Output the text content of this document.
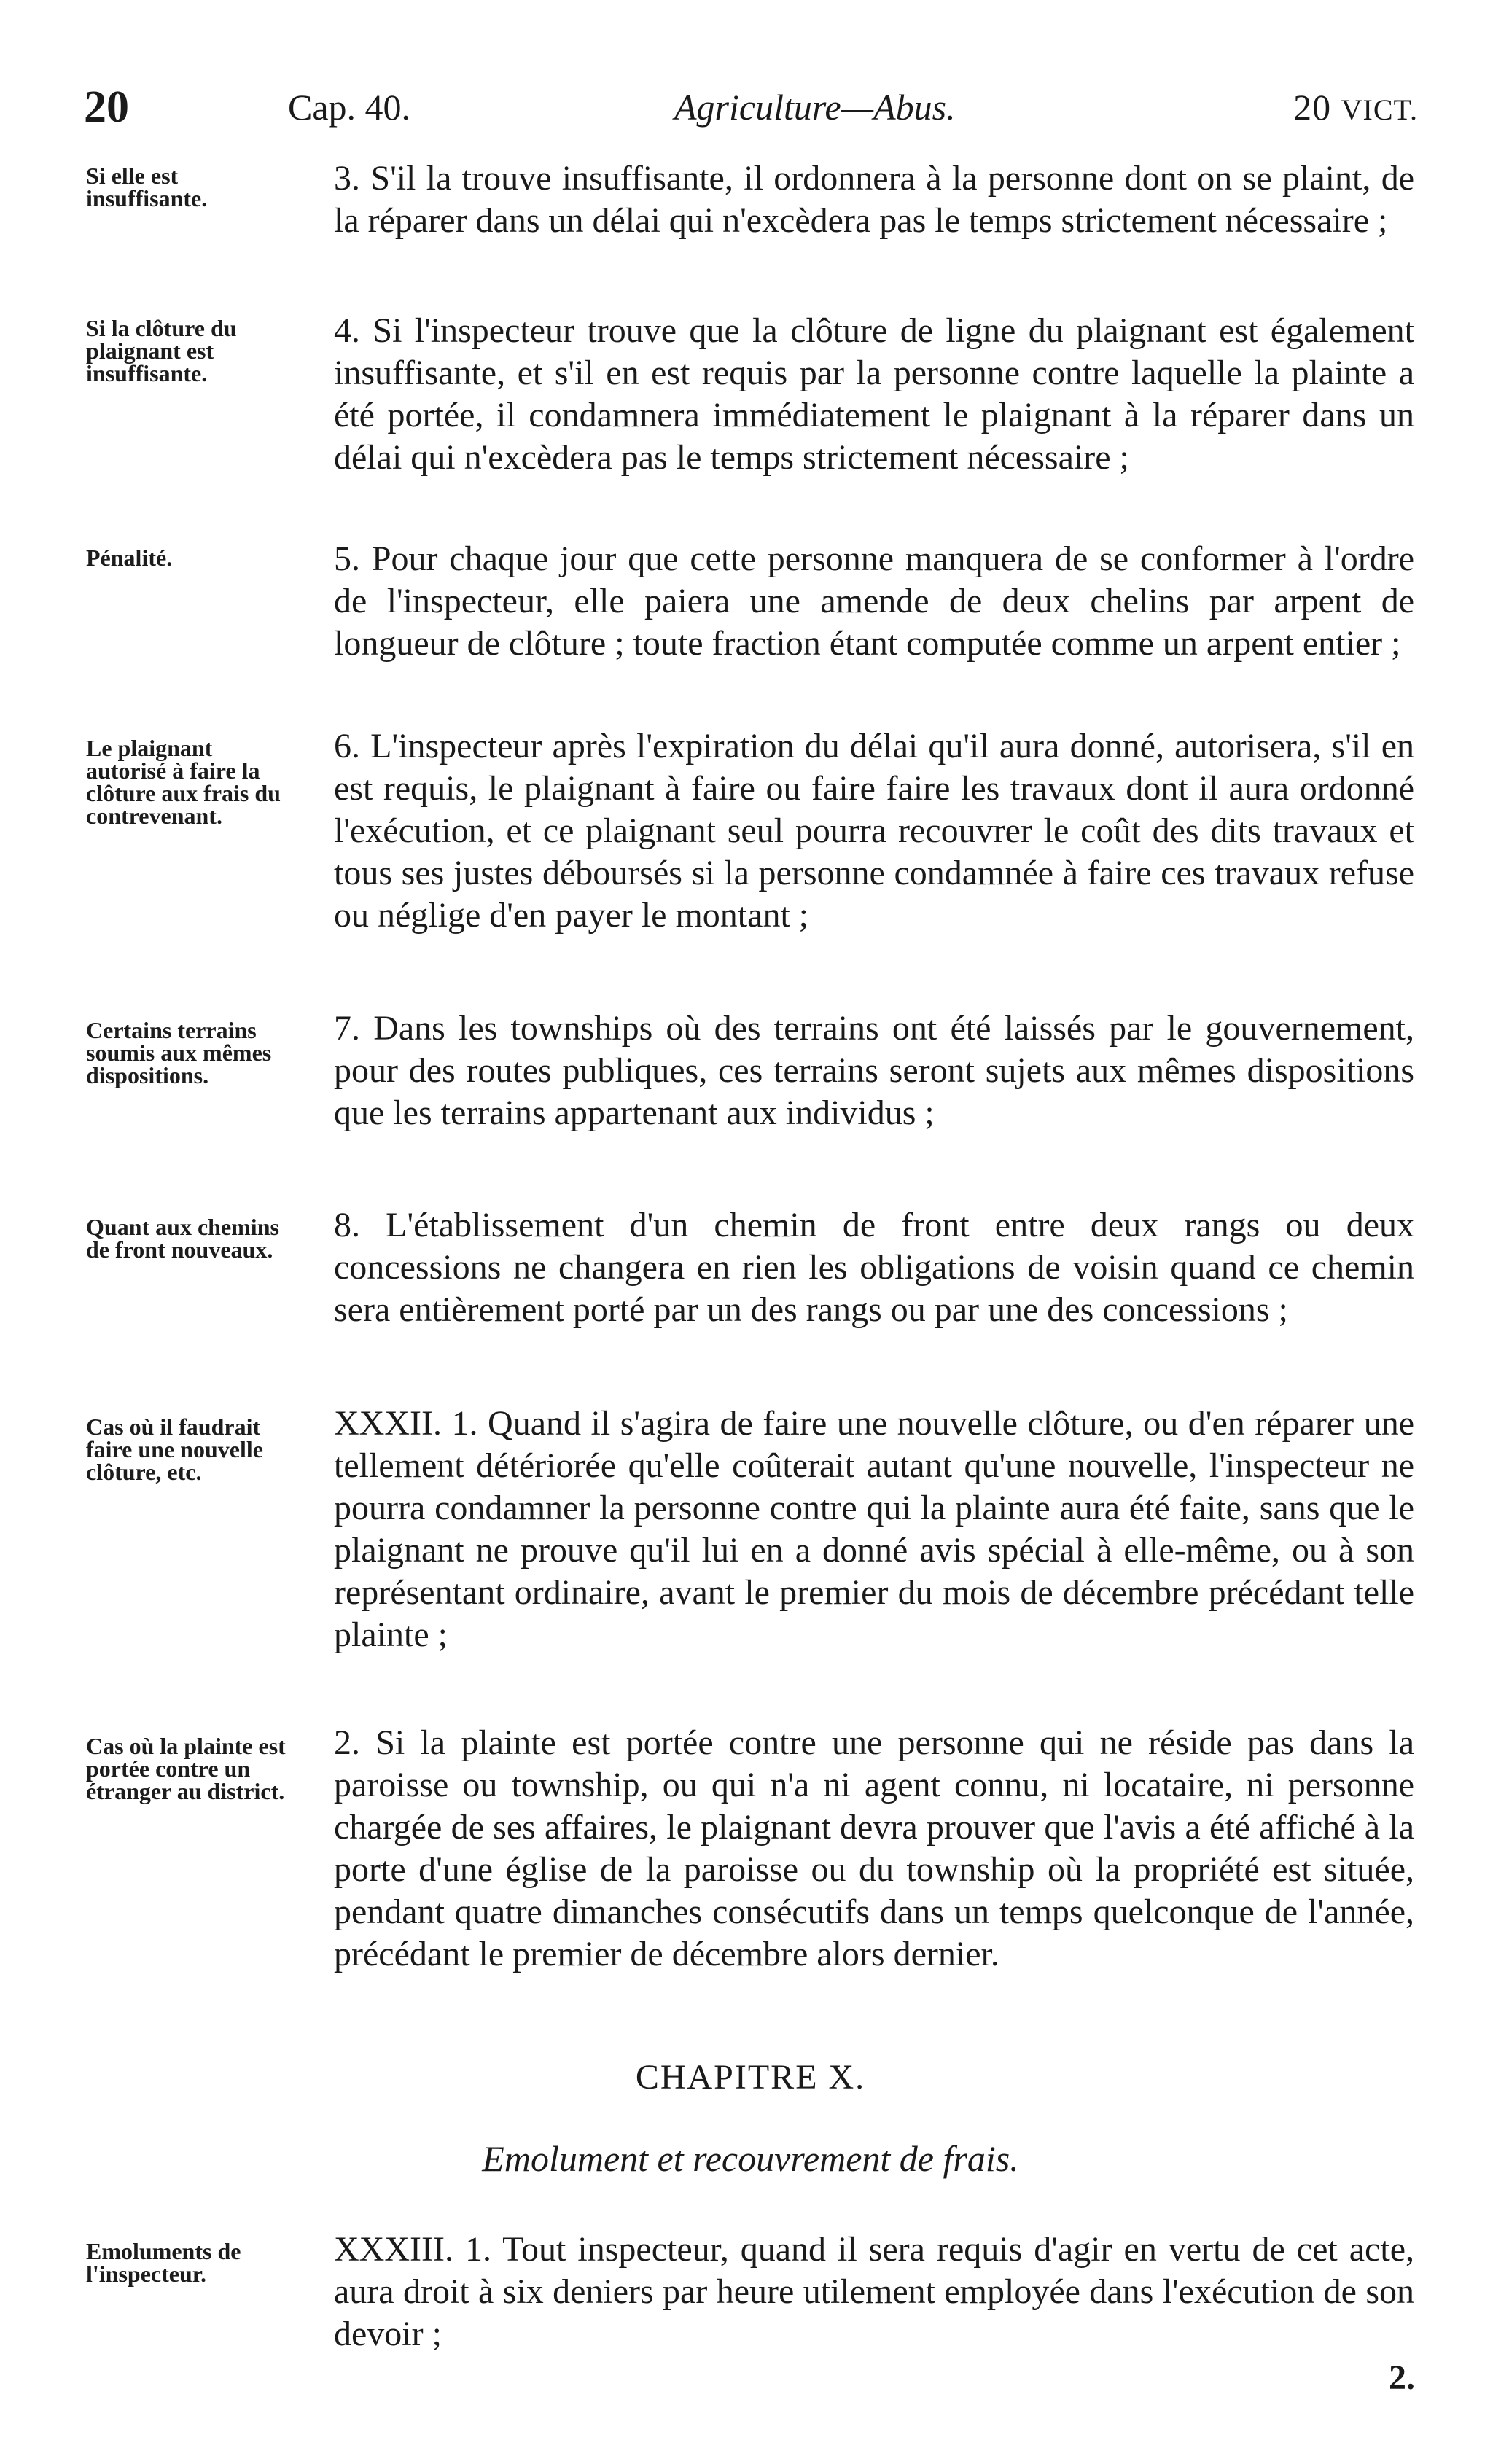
20	Cap. 40.	Agriculture—Abus.	20 VICT.
Si elle est insuffisante.
3. S'il la trouve insuffisante, il ordonnera à la personne dont on se plaint, de la réparer dans un délai qui n'excèdera pas le temps strictement nécessaire ;
Si la clôture du plaignant est insuffisante.
4. Si l'inspecteur trouve que la clôture de ligne du plaignant est également insuffisante, et s'il en est requis par la personne contre laquelle la plainte a été portée, il condamnera immédiatement le plaignant à la réparer dans un délai qui n'excèdera pas le temps strictement nécessaire ;
Pénalité.	5. Pour chaque jour que cette personne manquera de se conformer à l'ordre de l'inspecteur, elle paiera une amende de deux chelins par arpent de longueur de clôture ; toute fraction étant computée comme un arpent entier ;
Le plaignant autorisé à faire la clôture aux frais du contrevenant.
6. L'inspecteur après l'expiration du délai qu'il aura donné, autorisera, s'il en est requis, le plaignant à faire ou faire faire les travaux dont il aura ordonné l'exécution, et ce plaignant seul pourra recouvrer le coût des dits travaux et tous ses justes déboursés si la personne condamnée à faire ces travaux refuse ou néglige d'en payer le montant ;
Certains terrains soumis aux mêmes dispositions.
7. Dans les townships où des terrains ont été laissés par le gouvernement, pour des routes publiques, ces terrains seront sujets aux mêmes dispositions que les terrains appartenant aux individus ;
Quant aux chemins de front nouveaux.
8. L'établissement d'un chemin de front entre deux rangs ou deux concessions ne changera en rien les obligations de voisin quand ce chemin sera entièrement porté par un des rangs ou par une des concessions ;
Cas où il faudrait faire une nouvelle clôture, etc.
XXXII. 1. Quand il s'agira de faire une nouvelle clôture, ou d'en réparer une tellement détériorée qu'elle coûterait autant qu'une nouvelle, l'inspecteur ne pourra condamner la personne contre qui la plainte aura été faite, sans que le plaignant ne prouve qu'il lui en a donné avis spécial à elle-même, ou à son représentant ordinaire, avant le premier du mois de décembre précédant telle plainte ;
Cas où la plainte est portée contre un étranger au district.
2. Si la plainte est portée contre une personne qui ne réside pas dans la paroisse ou township, ou qui n'a ni agent connu, ni locataire, ni personne chargée de ses affaires, le plaignant devra prouver que l'avis a été affiché à la porte d'une église de la paroisse ou du township où la propriété est située, pendant quatre dimanches consécutifs dans un temps quelconque de l'année, précédant le premier de décembre alors dernier.
CHAPITRE X.
Emolument et recouvrement de frais.
Emoluments de l'inspecteur.
XXXIII. 1. Tout inspecteur, quand il sera requis d'agir en vertu de cet acte, aura droit à six deniers par heure utilement employée dans l'exécution de son devoir ;
2.
